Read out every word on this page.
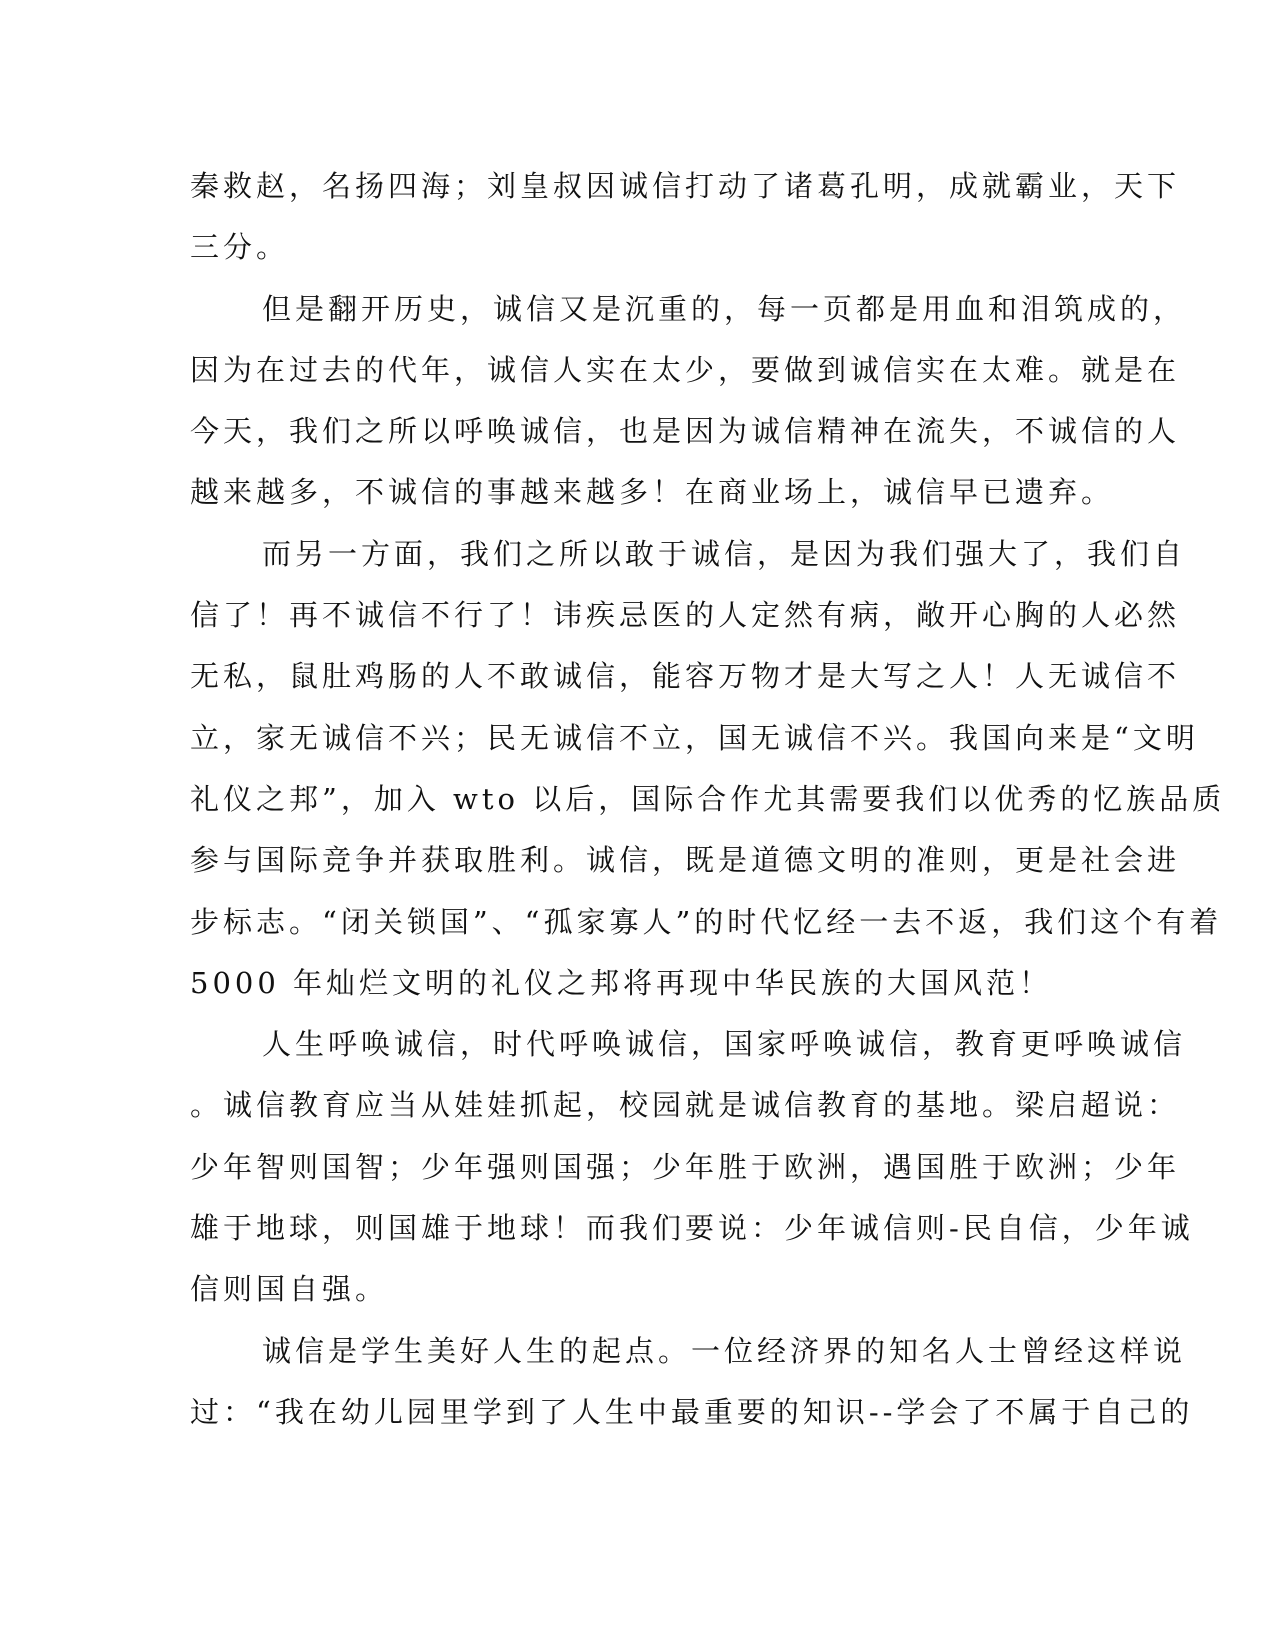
秦救赵，名扬四海；刘皇叔因诚信打动了诸葛孔明，成就霸业，天下
三分。
但是翻开历史，诚信又是沉重的，每一页都是用血和泪筑成的，
因为在过去的代年，诚信人实在太少，要做到诚信实在太难。就是在
今天，我们之所以呼唤诚信，也是因为诚信精神在流失，不诚信的人
越来越多，不诚信的事越来越多！在商业场上，诚信早已遗弃。
而另一方面，我们之所以敢于诚信，是因为我们强大了，我们自
信了！再不诚信不行了！讳疾忌医的人定然有病，敞开心胸的人必然
无私，鼠肚鸡肠的人不敢诚信，能容万物才是大写之人！人无诚信不
立，家无诚信不兴；民无诚信不立，国无诚信不兴。我国向来是“文明
礼仪之邦”，加入 wto 以后，国际合作尤其需要我们以优秀的忆族品质
参与国际竞争并获取胜利。诚信，既是道德文明的准则，更是社会进
步标志。“闭关锁国”、“孤家寡人”的时代忆经一去不返，我们这个有着
5000 年灿烂文明的礼仪之邦将再现中华民族的大国风范！
人生呼唤诚信，时代呼唤诚信，国家呼唤诚信，教育更呼唤诚信
。诚信教育应当从娃娃抓起，校园就是诚信教育的基地。梁启超说：
少年智则国智；少年强则国强；少年胜于欧洲，遇国胜于欧洲；少年
雄于地球，则国雄于地球！而我们要说：少年诚信则-民自信，少年诚
信则国自强。
诚信是学生美好人生的起点。一位经济界的知名人士曾经这样说
过：“我在幼儿园里学到了人生中最重要的知识--学会了不属于自己的
